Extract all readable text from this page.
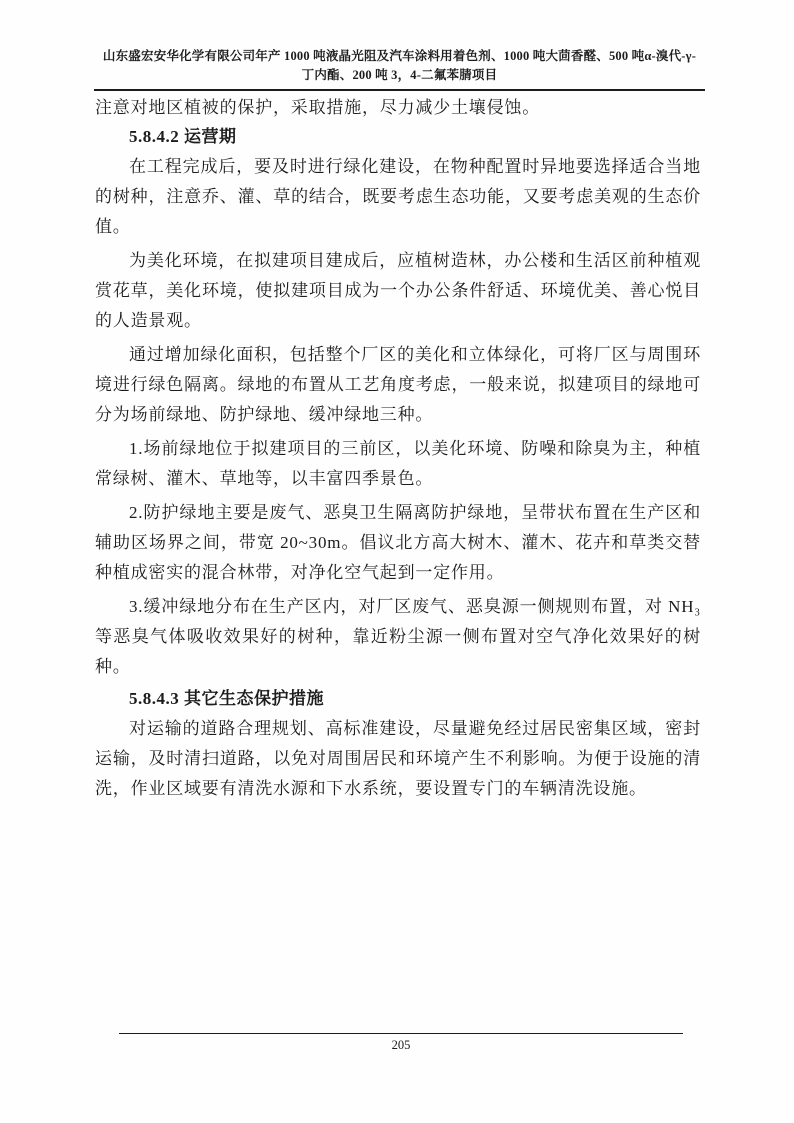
山东盛宏安华化学有限公司年产 1000 吨液晶光阻及汽车涂料用着色剂、1000 吨大茴香醛、500 吨α-溴代-γ-
丁内酯、200 吨 3，4-二氟苯腈项目

注意对地区植被的保护，采取措施，尽力减少土壤侵蚀。

5.8.4.2 运营期

在工程完成后，要及时进行绿化建设，在物种配置时异地要选择适合当地的树种，注意乔、灌、草的结合，既要考虑生态功能，又要考虑美观的生态价值。

为美化环境，在拟建项目建成后，应植树造林，办公楼和生活区前种植观赏花草，美化环境，使拟建项目成为一个办公条件舒适、环境优美、善心悦目的人造景观。

通过增加绿化面积，包括整个厂区的美化和立体绿化，可将厂区与周围环境进行绿色隔离。绿地的布置从工艺角度考虑，一般来说，拟建项目的绿地可分为场前绿地、防护绿地、缓冲绿地三种。

1.场前绿地位于拟建项目的三前区，以美化环境、防噪和除臭为主，种植常绿树、灌木、草地等，以丰富四季景色。

2.防护绿地主要是废气、恶臭卫生隔离防护绿地，呈带状布置在生产区和辅助区场界之间，带宽 20~30m。倡议北方高大树木、灌木、花卉和草类交替种植成密实的混合林带，对净化空气起到一定作用。

3.缓冲绿地分布在生产区内，对厂区废气、恶臭源一侧规则布置，对 NH₃等恶臭气体吸收效果好的树种，靠近粉尘源一侧布置对空气净化效果好的树种。

5.8.4.3 其它生态保护措施

对运输的道路合理规划、高标准建设，尽量避免经过居民密集区域，密封运输，及时清扫道路，以免对周围居民和环境产生不利影响。为便于设施的清洗，作业区域要有清洗水源和下水系统，要设置专门的车辆清洗设施。

205
